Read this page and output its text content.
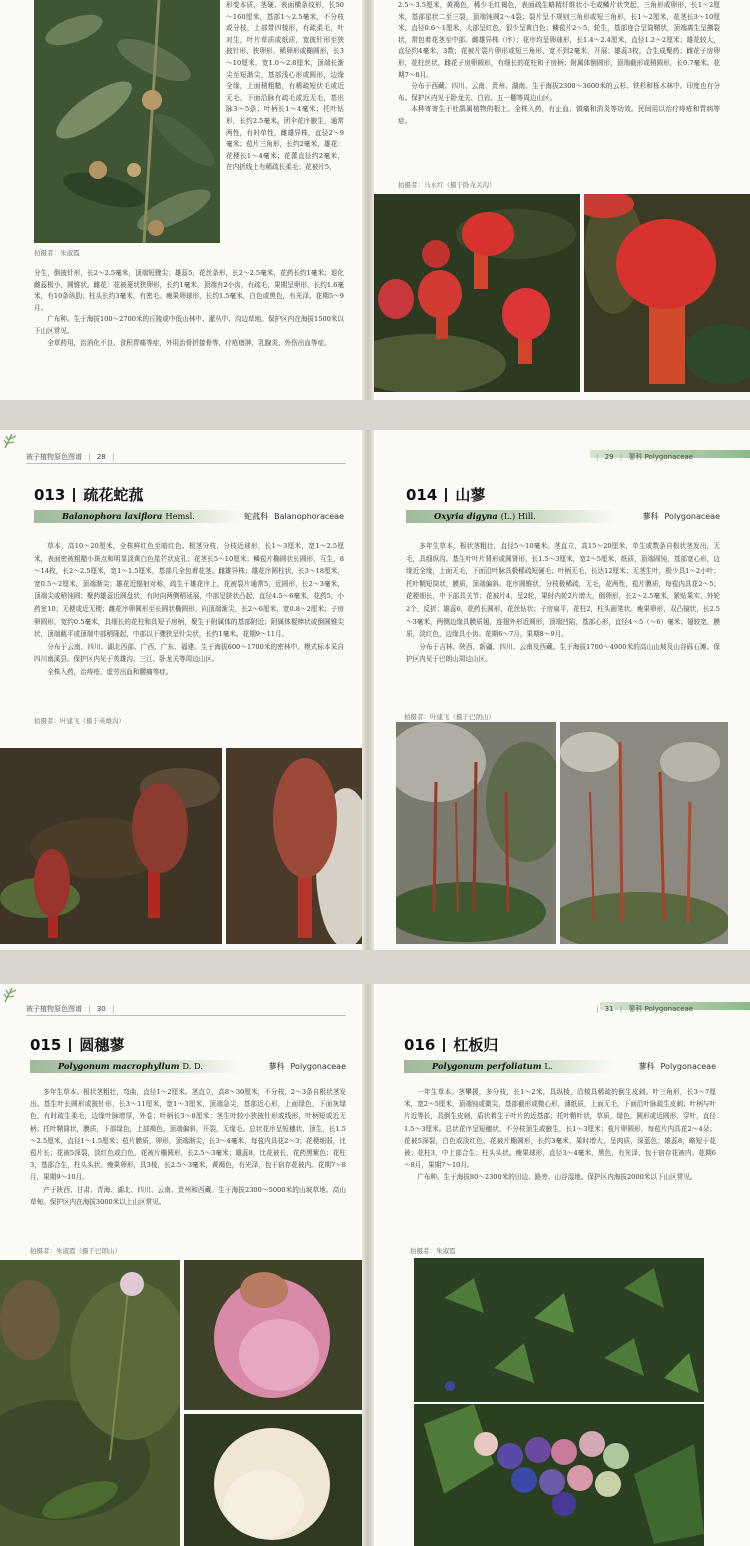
拍摄者：朱淑霞

形变本质，茎硬、表面横条纹形，长50～160厘米，基部1～2.5毫米，不分枝或分枝，上部带四棱形，有疏柔毛，叶对生，叶片草质或纸质，宽披针形至狭披针形，狭卵形，稀卵形或椭圆形，长3～10厘米，宽1.0～2.8厘米，顶端长渐尖至短渐尖，基部浅心形或圆形，边缘全缘，上面稍粗糙，有稀疏短伏毛或近无毛，下面沿脉有疏毛或近无毛，基出脉3～5条；叶柄长1～4毫米；托叶钻形，长约2.5毫米。团伞花序腋生，通常两性，有时单性，雌雄异株，直径2～9毫米；苞片三角形，长约2毫米，雄花：花梗长1～4毫米；花蕾直径约2毫米，在内折线上有稀疏长柔毛；花被片5，

分生，倒披针形，长2～2.5毫米，顶端短骤尖；雄蕊5，花丝条形，长2～2.5毫米，花药长约1毫米；退化雌蕊极小，圆锥状。雌花：花被菱状狭卵形，长约1毫米，顶端有2小齿，有疏毛，果期呈卵形，长约1.6毫米，有10条纵肋；柱头长约3毫米，有密毛。瘦果卵球形，长约1.5毫米，白色或黑色，有光泽。花期5～9月。

广布种。生于海拔100～2700米的丘陵或中低山林中、灌丛中、沟边草地。保护区内在海拔1500米以下山区常见。

全草药用，治消化不良、食积胃痛等症，外用治骨折接骨等，疗疮瘩肿，乳腺炎、外伤出血等症。

2.5～3.5厘米，黄褐色，稀少毛红褐色，表面疏生略精纤维状小毛或鳞片状突起，三角形或卵形，长1～2厘米，基部星状二至三裂，顶端钝圆2～4裂；裂片呈不规则三角形或短三角形，长1～2厘米，花茎长3～10厘米，直径0.6～1厘米，大部呈红色，很少呈黄白色；鳞苞片2～5，轮生，基部连合呈筒鞘状，顶端离生呈撕裂状，常包着花茎至中部。雌雄异株（序）；花序均呈卵球形，长1.4～2.4厘米，直径1.2～2厘米；雄花较大，直径约4毫米，3数；花被片裂片卵形或短三角形，宽不到2毫米，开展；雄蕊3枚，合生成聚药；雌花子房卵形，花柱丝状，雌花子房卵圆形，有细长的花柱和子房柄；附属体倒圆形，顶端截形或稍圆形，长0.7毫米。花期7～8月。

分布于西藏、四川、云南、贵州、湖南。生于海拔2300～3600米的云杉、铁杉和栎木林中。印度也有分布。保护区内见于卧龙关、白岩、五一棚等周边山区。

本种寄寄生于杜鹃属植物的根上。全株入药，有止血、镇痛和消炎等功效。民间用以治疗痔疮和胃病等症。

拍摄者：马永红（摄于卧龙关沟）
被子植物原色图谱 | 28 |
013 疏花蛇菰
Balanophora laxiflora Hemsl.	蛇菰科 Balanophoraceae

草本，高10～20厘米，全株鲜红色至暗红色。根茎分枝，分枝近球形，长1～3厘米，宽1～2.5厘米，表面密被粗糙小斑点和明显淡黄白色星芒状皮孔；花茎长5～10厘米；鳞苞片椭圆状长圆形，互生，8～14枚，长2～2.5厘米，宽1～1.5厘米，基部几全包着花茎。雌雄异株；雄花序圆柱状，长3～18厘米，宽0.5～2厘米，顶端渐尖；雄花近辐射对称，疏生于雄花序上，花被裂片通常5，近圆形，长2～3毫米，顶端尖或稍钝圆；聚药雄蕊近圆盘状，有时向两侧稍延展，中部呈脐状凸起，直径4.5～6毫米，花药5，小药室10；无梗或近无梗；雌花序卵圆形至长圆状椭圆形，向顶端渐尖，长2～6厘米，宽0.8～2厘米；子房卵圆形，宽约0.5毫米，具细长的花柱和具短子房柄，聚生于附属体的基部附近；附属体棍棒状或倒圆锥尖状，顶端截平或顶端中部稍隆起，中部以下骤狭呈针尖状，长约1毫米。花期9～11月。

分布于云南、四川、湖北西部、广西、广东、福建。生于海拔600～1700米的密林中。模式标本采自四川南溪县。保护区内见于英雄沟、三江、卧龙关等周边山区。

全株入药，治痔疮、虚劳出血和腰痛等症。

拍摄者：叶建飞（摄于英雄沟）
| 29 | 蓼科 Polygonaceae
014 山蓼
Oxyria digyna (L.) Hill.	蓼科 Polygonaceae

多年生草本，根状茎粗壮，直径5～10毫米。茎直立，高15～20厘米，单生或数条自根状茎发出，无毛，具细纵沟。基生叶叶片肾形或圆肾形，长1.5～3厘米，宽2～5厘米，纸质，顶端圆钝，基部宽心形，边缘近全缘，上面无毛，下面沿叶脉具极稀疏短硬毛；叶柄无毛，长达12厘米；无茎生叶，极少具1～2小叶；托叶鞘短筒状，膜质，顶端偏斜。花序圆锥状，分枝极稀疏，无毛，花两性，苞片膜质，每苞内具花2～5；花梗细长，中下部具关节；花被片4，呈2轮，果时内轮2片增大，倒卵形，长2～2.5毫米，紧贴果实，外轮2个，反折；雄蕊6，花药长圆形，花丝钻状；子房扁平，花柱2，柱头画笔状。瘦果卵形，双凸镜状，长2.5～3毫米，两侧边缘具膜质翅，连翅外形近圆形，顶端凹陷，基部心形，直径4～5（～6）毫米；翅较宽，膜质，淡红色，边缘具小齿。花期6～7月，果期8～9月。

分布于吉林、陕西、新疆、四川、云南及西藏。生于海拔1700～4900米的高山山坡及山谷砾石滩。保护区内见于巴朗山周边山区。

拍摄者：叶建飞（摄于巴朗山）
被子植物原色图谱 | 30 |
015 圆穗蓼
Polygonum macrophyllum D. D.	蓼科 Polygonaceae

多年生草本。根状茎粗壮，弯曲，直径1～2厘米。茎直立，高8～30厘米，不分枝，2～3条自根状茎发出。基生叶长圆形或披针形，长3～11厘米，宽1～3厘米，顶端急尖，基部近心形，上面绿色，下面灰绿色，有时疏生柔毛，边缘叶脉增厚，外卷；叶柄长3～8厘米；茎生叶较小狭披针形或线形，叶柄短或近无柄；托叶鞘筒状，膜质，下部绿色，上部褐色，顶端偏斜，开裂，无缘毛。总状花序呈短穗状，顶生，长1.5～2.5厘米，直径1～1.5厘米；苞片膜质，卵形，顶端渐尖，长3～4毫米，每苞内具花2～3；花梗细弱，比苞片长；花被5深裂，淡红色或白色，花被片椭圆形，长2.5～3毫米；雄蕊8，比花被长，花药黑紫色；花柱3，基部合生，柱头头状。瘦果卵形，具3棱，长2.5～3毫米，黄褐色，有光泽，包于宿存花被内。花期7～8月，果期9～10月。

产于陕西、甘肃、青海、湖北、四川、云南、贵州和西藏。生于海拔2300～5000米的山坡草地、高山草甸。保护区内在海拔3000米以上山区常见。

拍摄者：朱淑霞（摄于巴朗山）
| 31 | 蓼科 Polygonaceae
016 杠板归
Polygonum perfoliatum L.	蓼科 Polygonaceae

一年生草本。茎攀援，多分枝，长1～2米，具纵棱，沿棱具稀疏的倒生皮刺。叶三角形，长3～7厘米，宽2～5厘米，顶端钝或微尖，基部截形或微心形，薄纸质，上面无毛，下面沿叶脉疏生皮刺；叶柄与叶片近等长，具倒生皮刺，盾状着生于叶片的近基部；托叶鞘叶状，草质，绿色，圆形或近圆形，穿叶，直径1.5～3厘米。总状花序呈短穗状，不分枝顶生或腋生，长1～3厘米；苞片卵圆形，每苞片内具花2～4朵；花被5深裂，白色或淡红色，花被片椭圆形，长约3毫米，果时增大，呈肉质，深蓝色；雄蕊8，略短于花被；花柱3，中上部合生；柱头头状。瘦果球形，直径3～4毫米，黑色，有光泽，包于宿存花被内。花期6～8月，果期7～10月。

广布种。生于海拔80～2300米的田边、路旁、山谷湿地。保护区内海拔2000米以下山区常见。

拍摄者：朱淑霞
